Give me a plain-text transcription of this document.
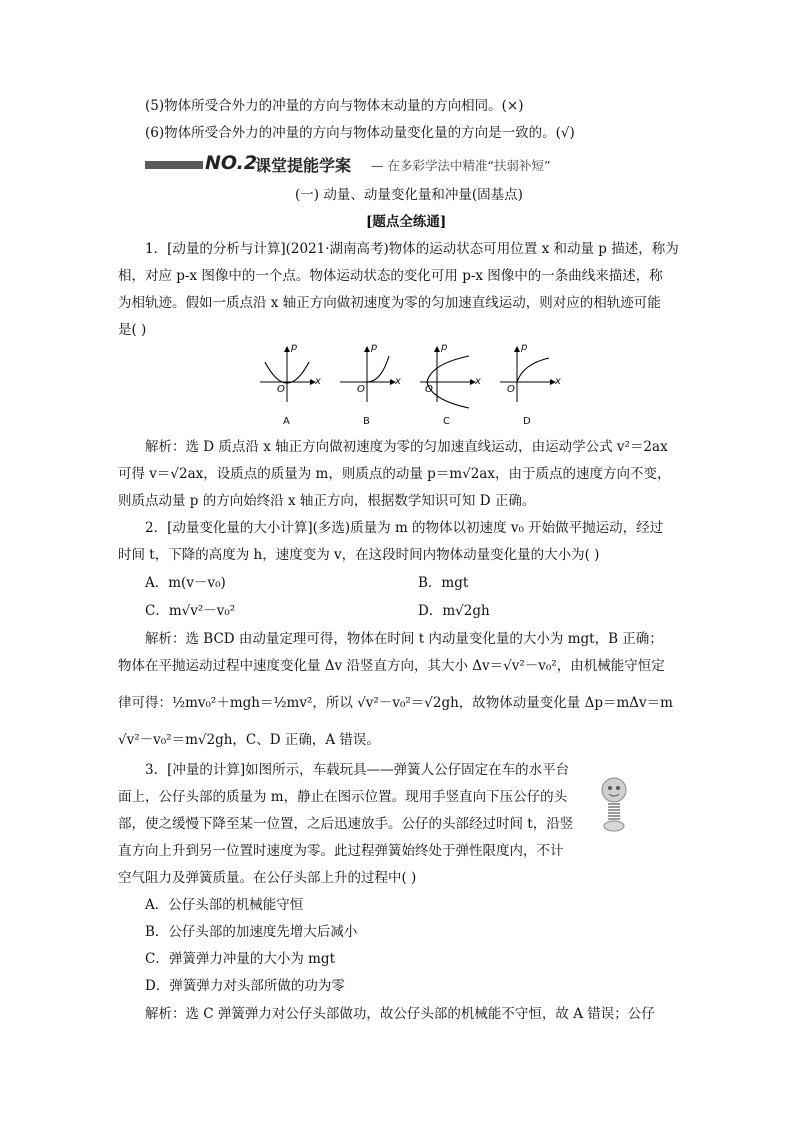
(5)物体所受合外力的冲量的方向与物体末动量的方向相同。(×)
(6)物体所受合外力的冲量的方向与物体动量变化量的方向是一致的。(√)
NO.2
课堂提能学案 — 在多彩学法中精准“扶弱补短”
(一) 动量、动量变化量和冲量(固基点)
[题点全练通]
1．[动量的分析与计算](2021·湖南高考)物体的运动状态可用位置 x 和动量 p 描述，称为
相，对应 p-x 图像中的一个点。物体运动状态的变化可用 p-x 图像中的一条曲线来描述，称
为相轨迹。假如一质点沿 x 轴正方向做初速度为零的匀加速直线运动，则对应的相轨迹可能
是( )
p
x
O
A
p
x
O
B
p
x
O
C
p
x
O
D
解析：选 D 质点沿 x 轴正方向做初速度为零的匀加速直线运动，由运动学公式 v²＝2ax
可得 v＝√2ax，设质点的质量为 m，则质点的动量 p＝m√2ax，由于质点的速度方向不变，
则质点动量 p 的方向始终沿 x 轴正方向，根据数学知识可知 D 正确。
2．[动量变化量的大小计算](多选)质量为 m 的物体以初速度 v₀ 开始做平抛运动，经过
时间 t，下降的高度为 h，速度变为 v，在这段时间内物体动量变化量的大小为( )
A．m(v－v₀)	B．mgt
C．m√v²－v₀²	D．m√2gh
解析：选 BCD 由动量定理可得，物体在时间 t 内动量变化量的大小为 mgt，B 正确；
物体在平抛运动过程中速度变化量 Δv 沿竖直方向，其大小 Δv＝√v²－v₀²，由机械能守恒定
律可得：½mv₀²＋mgh＝½mv²，所以 √v²－v₀²＝√2gh，故物体动量变化量 Δp＝mΔv＝m
√v²－v₀²＝m√2gh，C、D 正确，A 错误。
3．[冲量的计算]如图所示，车载玩具——弹簧人公仔固定在车的水平台
面上，公仔头部的质量为 m，静止在图示位置。现用手竖直向下压公仔的头
部，使之缓慢下降至某一位置，之后迅速放手。公仔的头部经过时间 t，沿竖
直方向上升到另一位置时速度为零。此过程弹簧始终处于弹性限度内，不计
空气阻力及弹簧质量。在公仔头部上升的过程中( )
A．公仔头部的机械能守恒
B．公仔头部的加速度先增大后减小
C．弹簧弹力冲量的大小为 mgt
D．弹簧弹力对头部所做的功为零
解析：选 C 弹簧弹力对公仔头部做功，故公仔头部的机械能不守恒，故 A 错误；公仔
